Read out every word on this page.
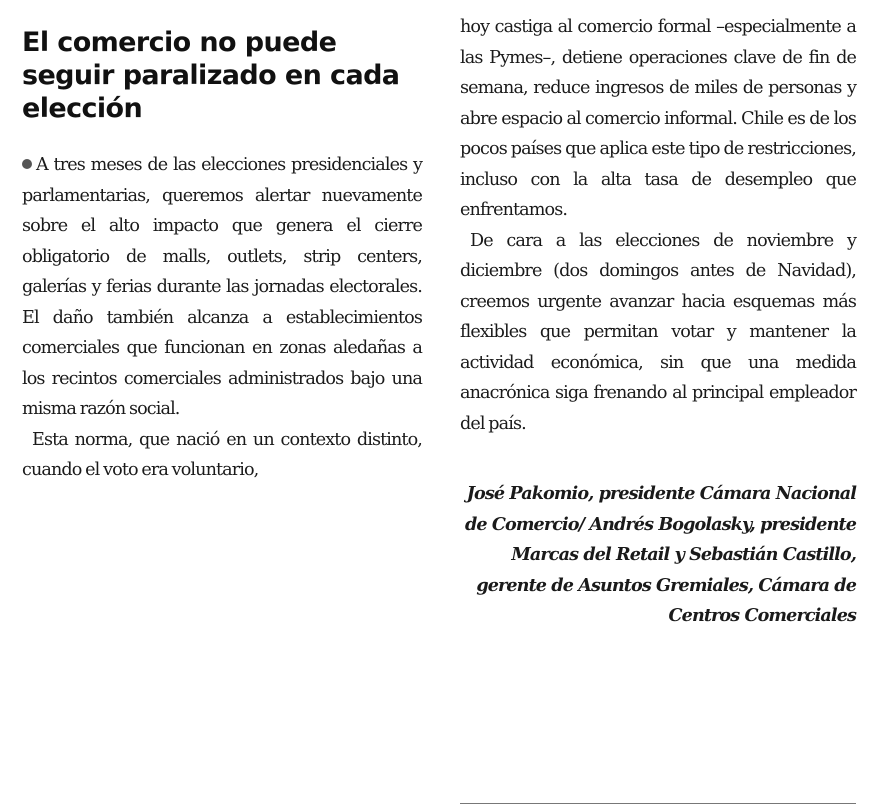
El comercio no puede seguir paralizado en cada elección

A tres meses de las elecciones presidenciales y parlamentarias, queremos alertar nuevamente sobre el alto impacto que genera el cierre obligatorio de malls, outlets, strip centers, galerías y ferias durante las jornadas electorales. El daño también alcanza a establecimientos comerciales que funcionan en zonas aledañas a los recintos comerciales administrados bajo una misma razón social.

Esta norma, que nació en un contexto distinto, cuando el voto era voluntario,

hoy castiga al comercio formal –especialmente a las Pymes–, detiene operaciones clave de fin de semana, reduce ingresos de miles de personas y abre espacio al comercio informal. Chile es de los pocos países que aplica este tipo de restricciones, incluso con la alta tasa de desempleo que enfrentamos.

De cara a las elecciones de noviembre y diciembre (dos domingos antes de Navidad), creemos urgente avanzar hacia esquemas más flexibles que permitan votar y mantener la actividad económica, sin que una medida anacrónica siga frenando al principal empleador del país.

José Pakomio, presidente Cámara Nacional de Comercio/ Andrés Bogolasky, presidente Marcas del Retail y Sebastián Castillo, gerente de Asuntos Gremiales, Cámara de Centros Comerciales
